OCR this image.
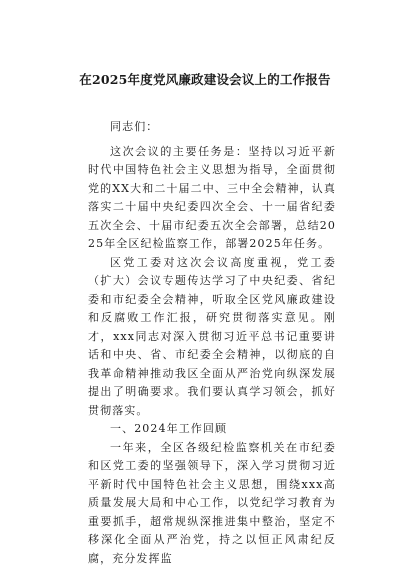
在2025年度党风廉政建设会议上的工作报告

同志们：

这次会议的主要任务是：坚持以习近平新时代中国特色社会主义思想为指导，全面贯彻党的XX大和二十届二中、三中全会精神，认真落实二十届中央纪委四次全会、十一届省纪委五次全会、十届市纪委五次全会部署，总结2025年全区纪检监察工作，部署2025年任务。

区党工委对这次会议高度重视，党工委（扩大）会议专题传达学习了中央纪委、省纪委和市纪委全会精神，听取全区党风廉政建设和反腐败工作汇报，研究贯彻落实意见。刚才，xxx同志对深入贯彻习近平总书记重要讲话和中央、省、市纪委全会精神，以彻底的自我革命精神推动我区全面从严治党向纵深发展提出了明确要求。我们要认真学习领会，抓好贯彻落实。

一、2024年工作回顾

一年来，全区各级纪检监察机关在市纪委和区党工委的坚强领导下，深入学习贯彻习近平新时代中国特色社会主义思想，围绕xxx高质量发展大局和中心工作，以党纪学习教育为重要抓手，超常规纵深推进集中整治，坚定不移深化全面从严治党，持之以恒正风肃纪反腐，充分发挥监
